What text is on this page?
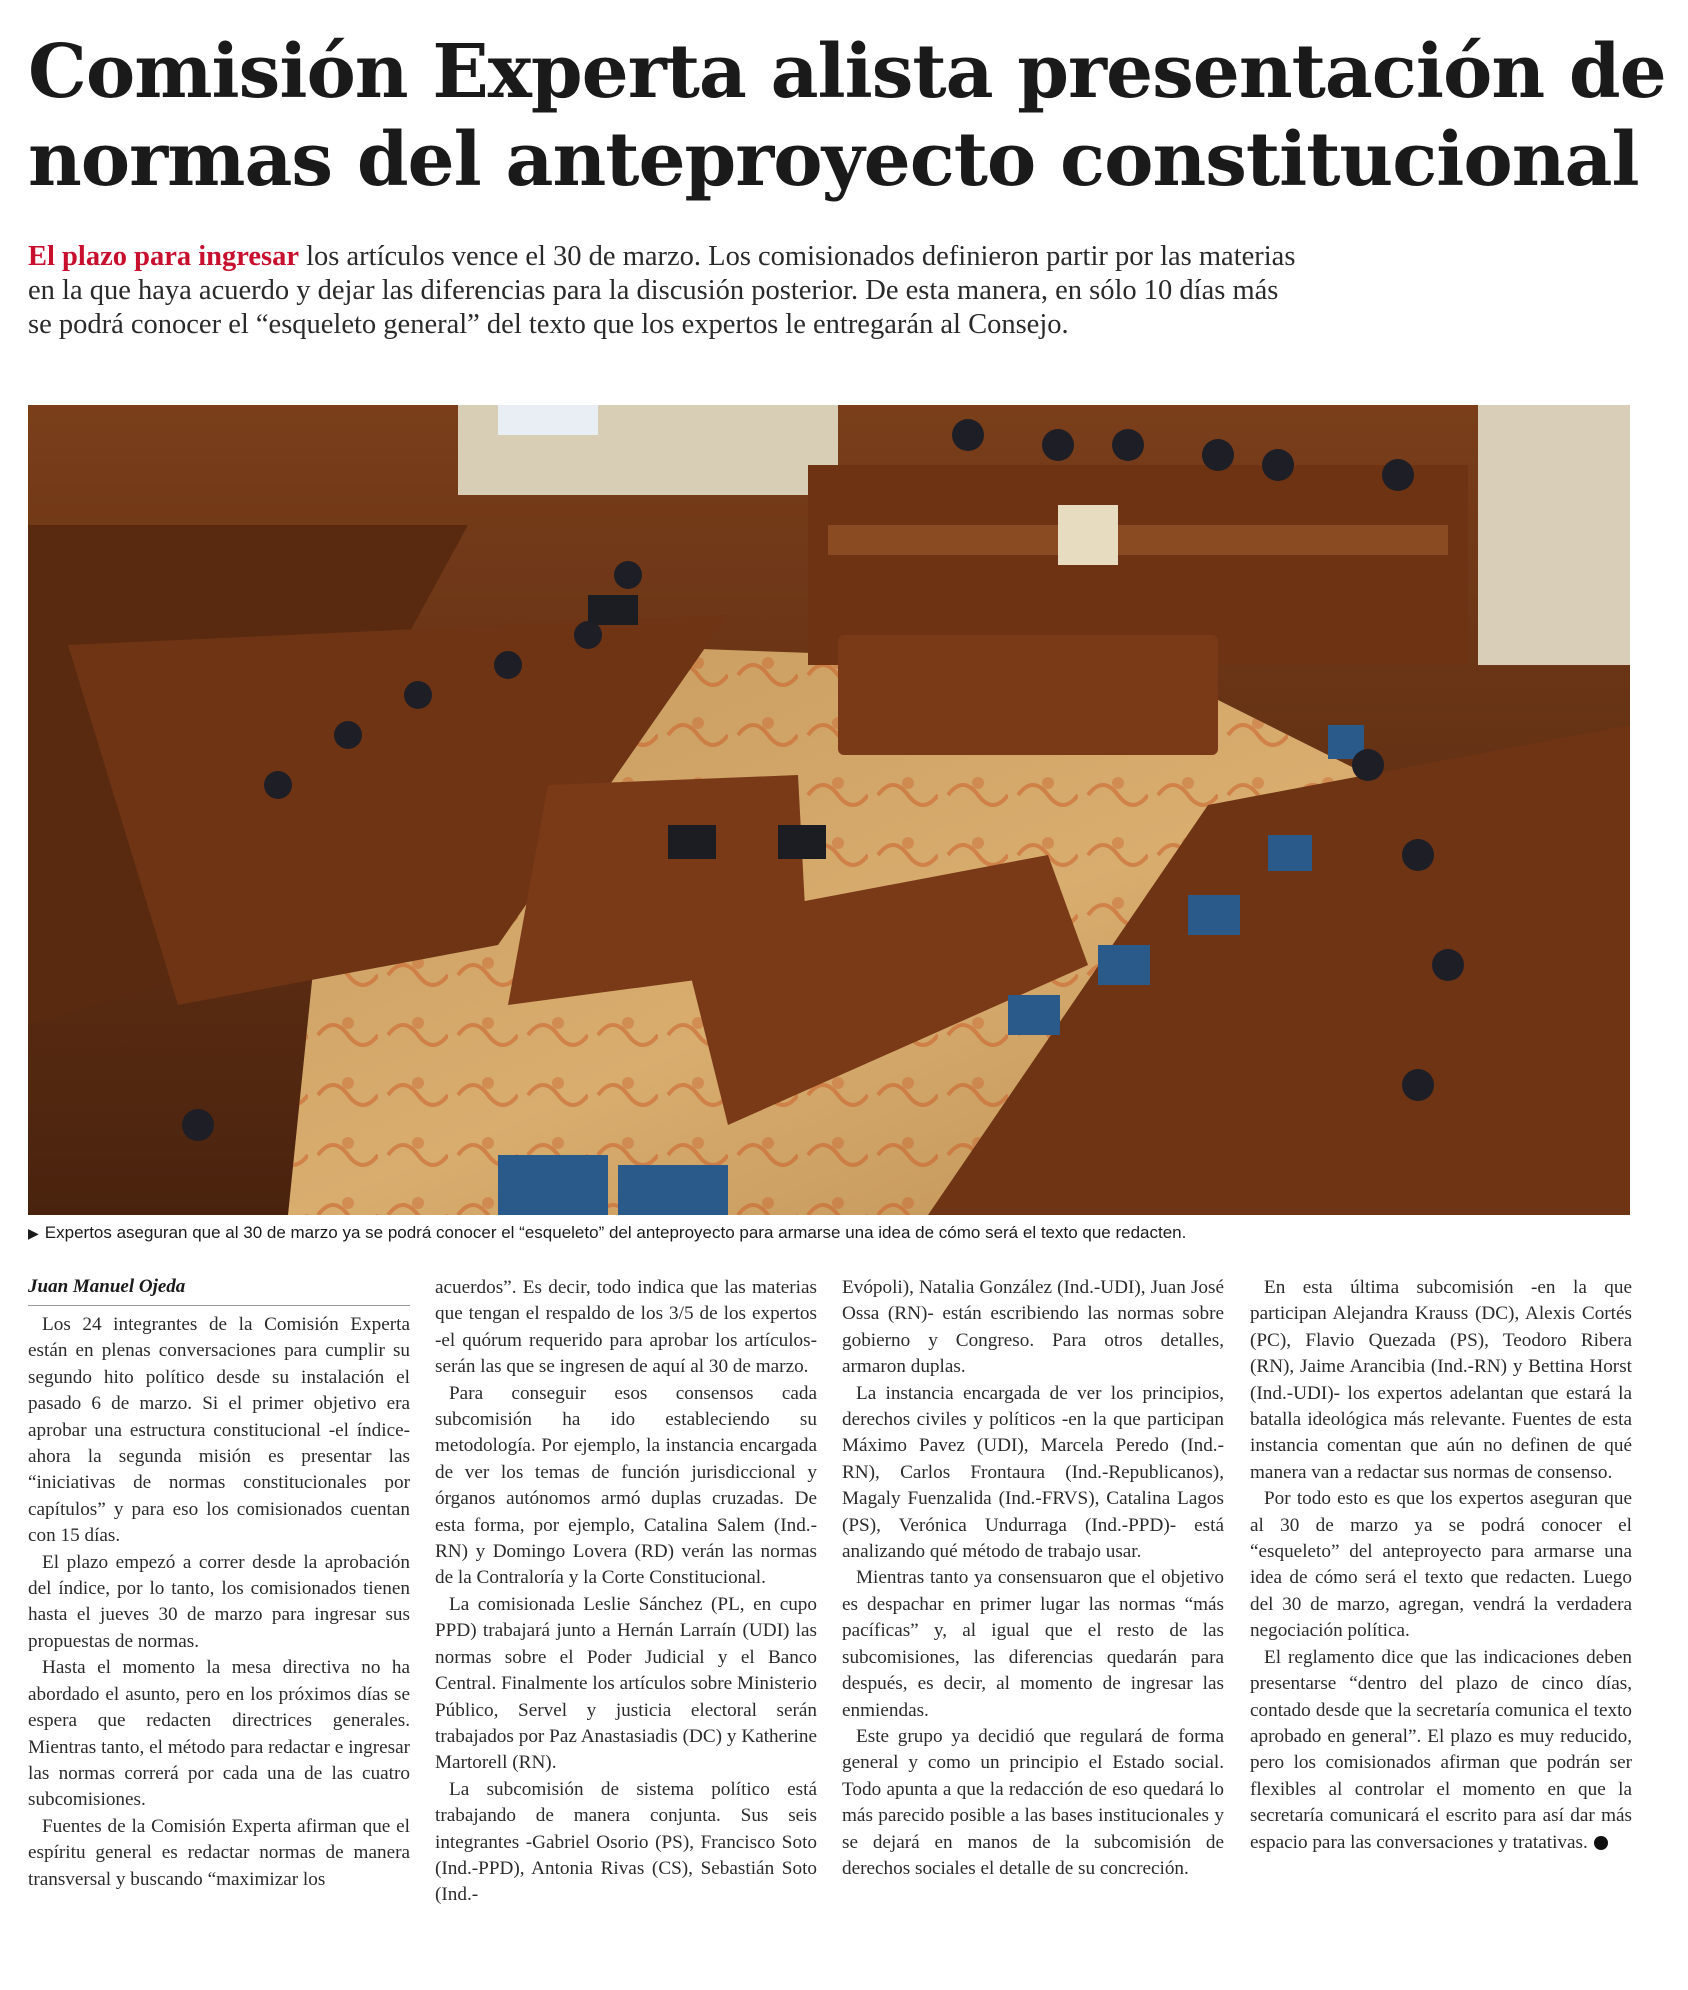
Comisión Experta alista presentación de
normas del anteproyecto constitucional
El plazo para ingresar los artículos vence el 30 de marzo. Los comisionados definieron partir por las materias
en la que haya acuerdo y dejar las diferencias para la discusión posterior. De esta manera, en sólo 10 días más
se podrá conocer el “esqueleto general” del texto que los expertos le entregarán al Consejo.
▶ Expertos aseguran que al 30 de marzo ya se podrá conocer el “esqueleto” del anteproyecto para armarse una idea de cómo será el texto que redacten.
Juan Manuel Ojeda

Los 24 integrantes de la Comisión Experta están en plenas conversaciones para cumplir su segundo hito político desde su instalación el pasado 6 de marzo. Si el primer objetivo era aprobar una estructura constitucional -el índice- ahora la segunda misión es presentar las “iniciativas de normas constitucionales por capítulos” y para eso los comisionados cuentan con 15 días.

El plazo empezó a correr desde la aprobación del índice, por lo tanto, los comisionados tienen hasta el jueves 30 de marzo para ingresar sus propuestas de normas.

Hasta el momento la mesa directiva no ha abordado el asunto, pero en los próximos días se espera que redacten directrices generales. Mientras tanto, el método para redactar e ingresar las normas correrá por cada una de las cuatro subcomisiones.

Fuentes de la Comisión Experta afirman que el espíritu general es redactar normas de manera transversal y buscando “maximizar los

acuerdos”. Es decir, todo indica que las materias que tengan el respaldo de los 3/5 de los expertos -el quórum requerido para aprobar los artículos- serán las que se ingresen de aquí al 30 de marzo.

Para conseguir esos consensos cada subcomisión ha ido estableciendo su metodología. Por ejemplo, la instancia encargada de ver los temas de función jurisdiccional y órganos autónomos armó duplas cruzadas. De esta forma, por ejemplo, Catalina Salem (Ind.-RN) y Domingo Lovera (RD) verán las normas de la Contraloría y la Corte Constitucional.

La comisionada Leslie Sánchez (PL, en cupo PPD) trabajará junto a Hernán Larraín (UDI) las normas sobre el Poder Judicial y el Banco Central. Finalmente los artículos sobre Ministerio Público, Servel y justicia electoral serán trabajados por Paz Anastasiadis (DC) y Katherine Martorell (RN).

La subcomisión de sistema político está trabajando de manera conjunta. Sus seis integrantes -Gabriel Osorio (PS), Francisco Soto (Ind.-PPD), Antonia Rivas (CS), Sebastián Soto (Ind.-

Evópoli), Natalia González (Ind.-UDI), Juan José Ossa (RN)- están escribiendo las normas sobre gobierno y Congreso. Para otros detalles, armaron duplas.

La instancia encargada de ver los principios, derechos civiles y políticos -en la que participan Máximo Pavez (UDI), Marcela Peredo (Ind.-RN), Carlos Frontaura (Ind.-Republicanos), Magaly Fuenzalida (Ind.-FRVS), Catalina Lagos (PS), Verónica Undurraga (Ind.-PPD)- está analizando qué método de trabajo usar.

Mientras tanto ya consensuaron que el objetivo es despachar en primer lugar las normas “más pacíficas” y, al igual que el resto de las subcomisiones, las diferencias quedarán para después, es decir, al momento de ingresar las enmiendas.

Este grupo ya decidió que regulará de forma general y como un principio el Estado social. Todo apunta a que la redacción de eso quedará lo más parecido posible a las bases institucionales y se dejará en manos de la subcomisión de derechos sociales el detalle de su concreción.

En esta última subcomisión -en la que participan Alejandra Krauss (DC), Alexis Cortés (PC), Flavio Quezada (PS), Teodoro Ribera (RN), Jaime Arancibia (Ind.-RN) y Bettina Horst (Ind.-UDI)- los expertos adelantan que estará la batalla ideológica más relevante. Fuentes de esta instancia comentan que aún no definen de qué manera van a redactar sus normas de consenso.

Por todo esto es que los expertos aseguran que al 30 de marzo ya se podrá conocer el “esqueleto” del anteproyecto para armarse una idea de cómo será el texto que redacten. Luego del 30 de marzo, agregan, vendrá la verdadera negociación política.

El reglamento dice que las indicaciones deben presentarse “dentro del plazo de cinco días, contado desde que la secretaría comunica el texto aprobado en general”. El plazo es muy reducido, pero los comisionados afirman que podrán ser flexibles al controlar el momento en que la secretaría comunicará el escrito para así dar más espacio para las conversaciones y tratativas.
